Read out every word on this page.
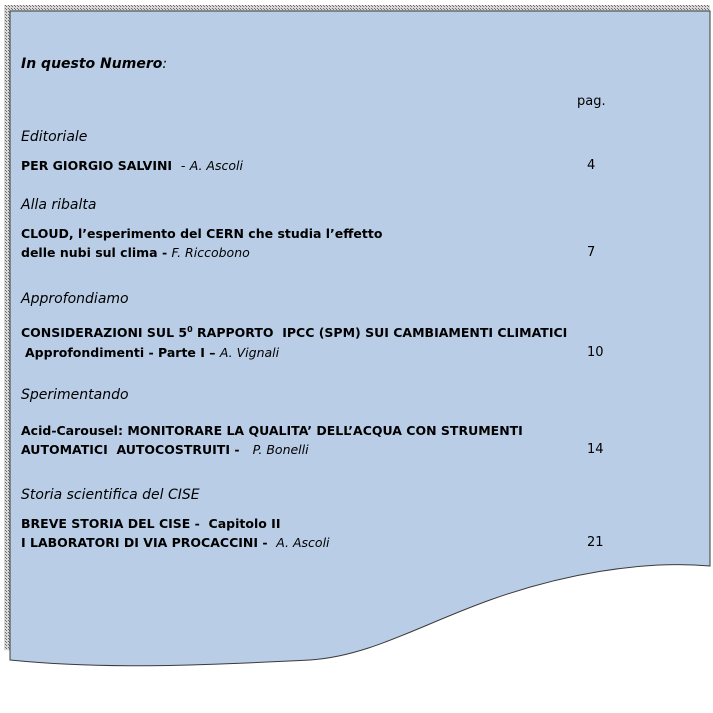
In questo Numero:
pag.
Editoriale
PER GIORGIO SALVINI - A. Ascoli	4
Alla ribalta
CLOUD, l’esperimento del CERN che studia l’effetto
delle nubi sul clima - F. Riccobono	7
Approfondiamo
CONSIDERAZIONI SUL $5^0$ RAPPORTO  IPCC (SPM) SUI CAMBIAMENTI CLIMATICI
Approfondimenti - Parte I – A. Vignali	10
Sperimentando
Acid-Carousel: MONITORARE LA QUALITA’ DELL’ACQUA CON STRUMENTI
AUTOMATICI  AUTOCOSTRUITI - P. Bonelli	14
Storia scientifica del CISE
BREVE STORIA DEL CISE -  Capitolo II
I LABORATORI DI VIA PROCACCINI - A. Ascoli	21
